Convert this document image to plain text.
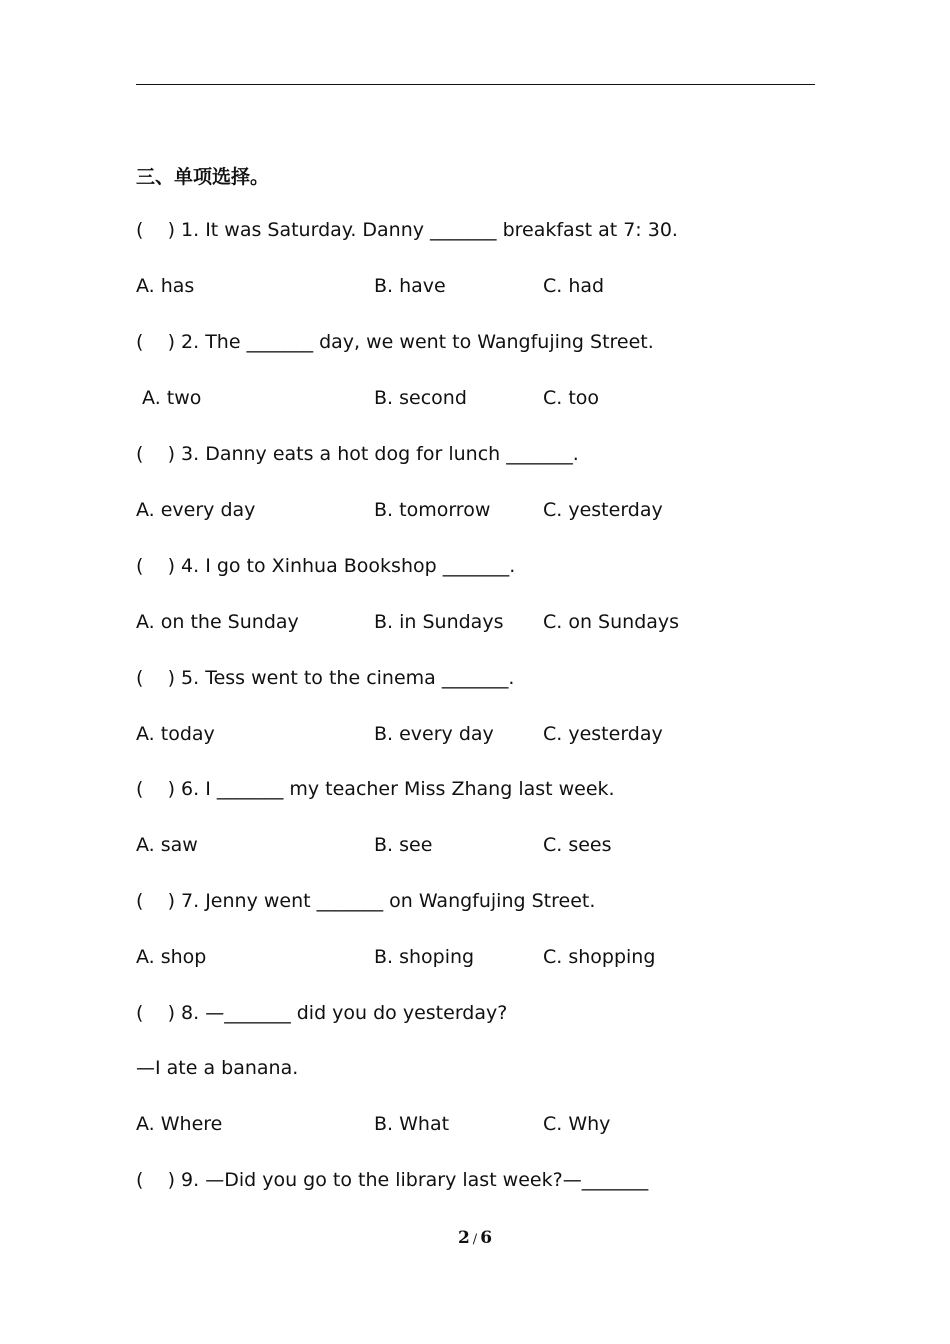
三、单项选择。
(    ) 1. It was Saturday. Danny _______ breakfast at 7: 30.
A. has	B. have	C. had
(    ) 2. The _______ day, we went to Wangfujing Street.
A. two	B. second	C. too
(    ) 3. Danny eats a hot dog for lunch _______.
A. every day	B. tomorrow	C. yesterday
(    ) 4. I go to Xinhua Bookshop _______.
A. on the Sunday	B. in Sundays C. on Sundays
(    ) 5. Tess went to the cinema _______.
A. today	B. every day	C. yesterday
(    ) 6. I _______ my teacher Miss Zhang last week.
A. saw	B. see	C. sees
(    ) 7. Jenny went _______ on Wangfujing Street.
A. shop	B. shoping	C. shopping
(    ) 8. —_______ did you do yesterday?
—I ate a banana.
A. Where	B. What	C. Why
(    ) 9. —Did you go to the library last week?—_______
2 / 6
